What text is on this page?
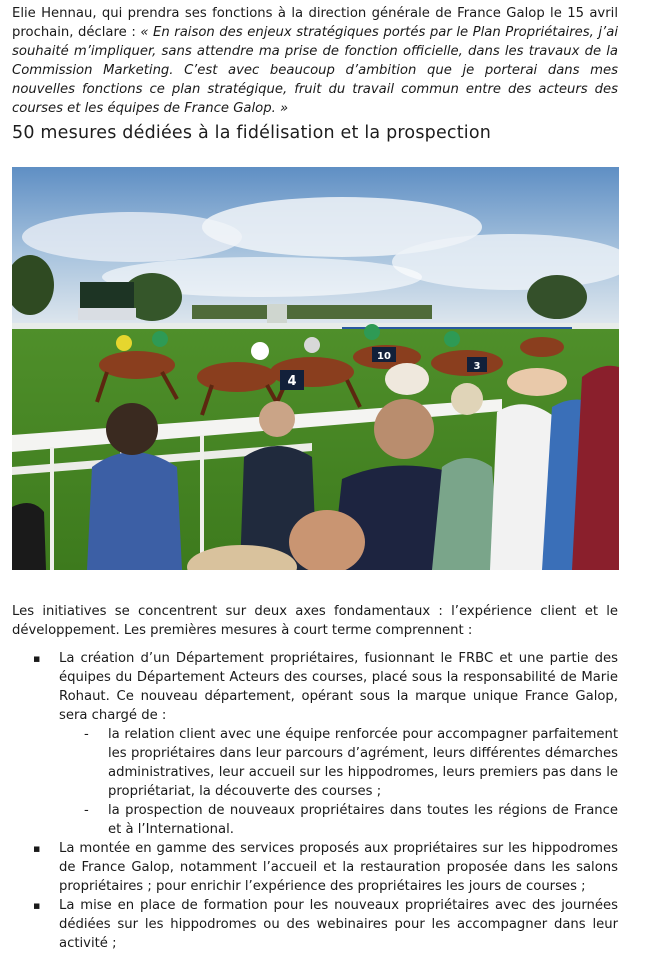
Elie Hennau, qui prendra ses fonctions à la direction générale de France Galop le 15 avril prochain, déclare : « En raison des enjeux stratégiques portés par le Plan Propriétaires, j’ai souhaité m’impliquer, sans attendre ma prise de fonction officielle, dans les travaux de la Commission Marketing. C’est avec beaucoup d’ambition que je porterai dans mes nouvelles fonctions ce plan stratégique, fruit du travail commun entre des acteurs des courses et les équipes de France Galop. »

50 mesures dédiées à la fidélisation et la prospection
4
10
3

Les initiatives se concentrent sur deux axes fondamentaux : l’expérience client et le développement. Les premières mesures à court terme comprennent :

▪ La création d’un Département propriétaires, fusionnant le FRBC et une partie des équipes du Département Acteurs des courses, placé sous la responsabilité de Marie Rohaut. Ce nouveau département, opérant sous la marque unique France Galop, sera chargé de :
- la relation client avec une équipe renforcée pour accompagner parfaitement les propriétaires dans leur parcours d’agrément, leurs différentes démarches administratives, leur accueil sur les hippodromes, leurs premiers pas dans le propriétariat, la découverte des courses ;
- la prospection de nouveaux propriétaires dans toutes les régions de France et à l’International.
▪ La montée en gamme des services proposés aux propriétaires sur les hippodromes de France Galop, notamment l’accueil et la restauration proposée dans les salons propriétaires ; pour enrichir l’expérience des propriétaires les jours de courses ;
▪ La mise en place de formation pour les nouveaux propriétaires avec des journées dédiées sur les hippodromes ou des webinaires pour les accompagner dans leur activité ;
